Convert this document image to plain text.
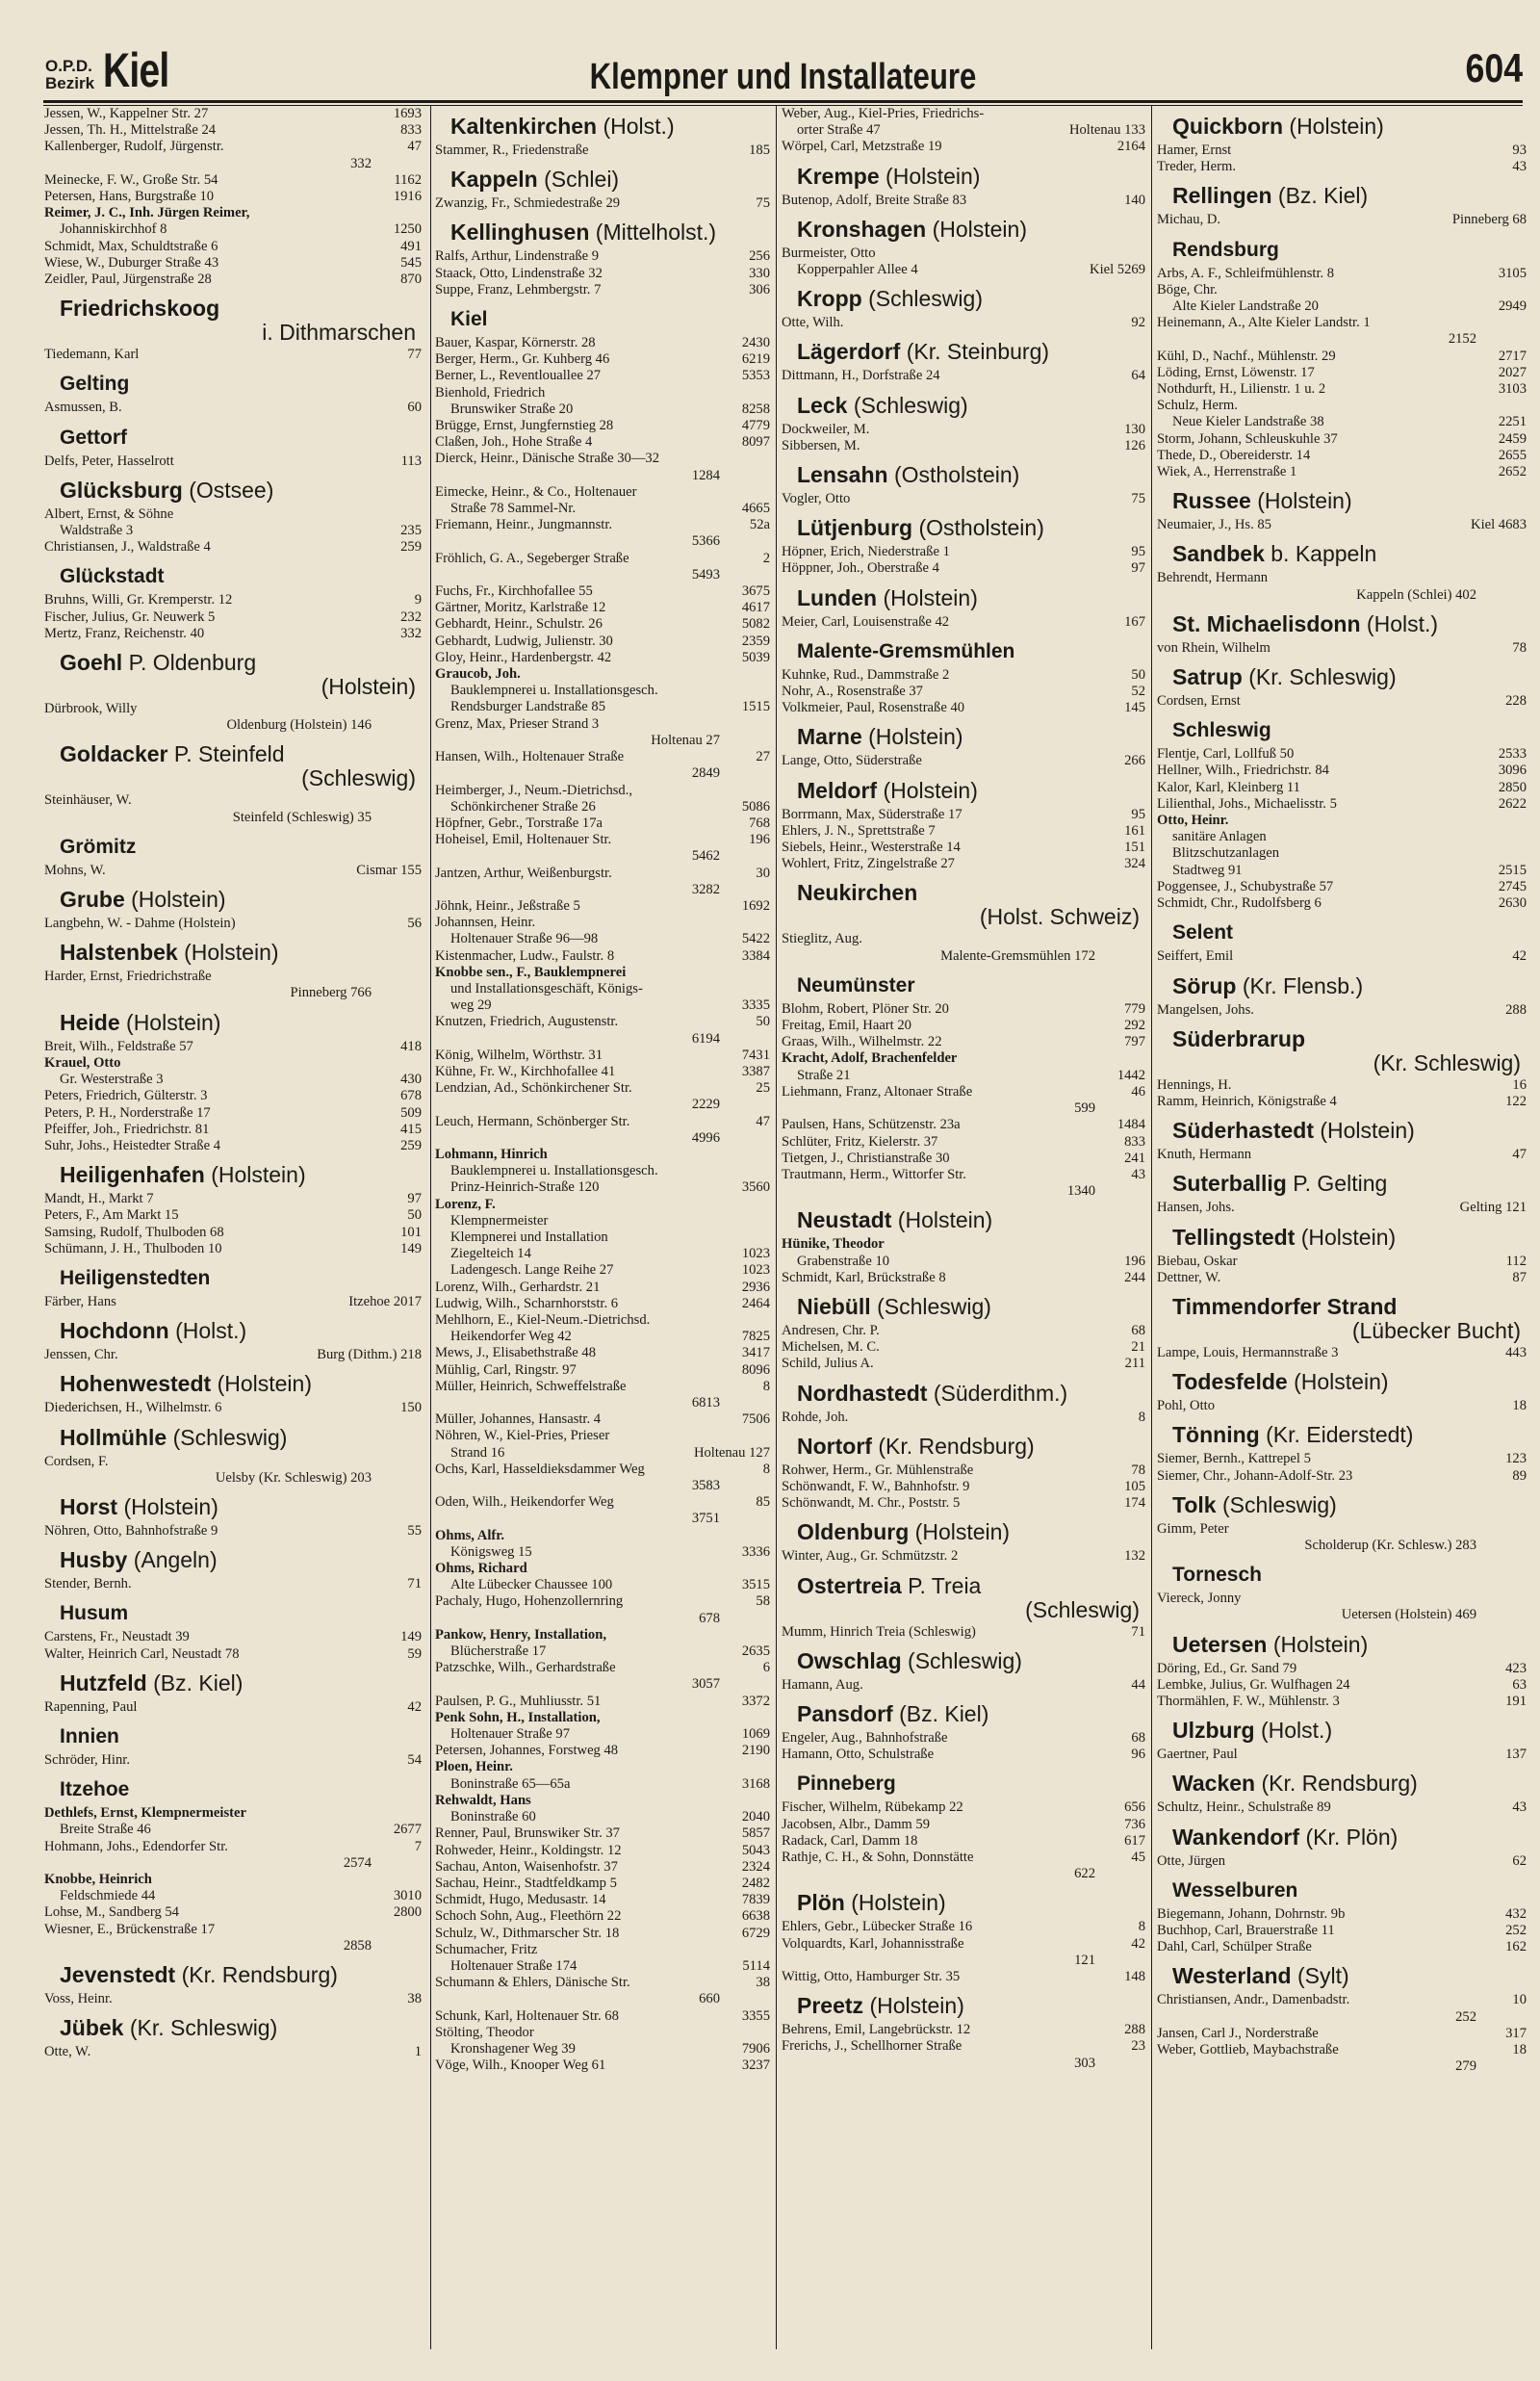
O.P.D.
Bezirk Kiel	Klempner und Installateure	604
Jessen, W., Kappelner Str. 27	1693
Jessen, Th. H., Mittelstraße 24	833
Kallenberger, Rudolf, Jürgenstr.	47
332
Meinecke, F. W., Große Str. 54	1162
Petersen, Hans, Burgstraße 10	1916
Reimer, J. C., Inh. Jürgen Reimer,
Johanniskirchhof 8	1250
Schmidt, Max, Schuldtstraße 6	491
Wiese, W., Duburger Straße 43	545
Zeidler, Paul, Jürgenstraße 28	870
Friedrichskoog
i. Dithmarschen
Tiedemann, Karl	77
Gelting
Asmussen, B.	60
Gettorf
Delfs, Peter, Hasselrott	113
Glücksburg (Ostsee)
Albert, Ernst, & Söhne
Waldstraße 3	235
Christiansen, J., Waldstraße 4	259
Glückstadt
Bruhns, Willi, Gr. Kremperstr. 12	9
Fischer, Julius, Gr. Neuwerk 5	232
Mertz, Franz, Reichenstr. 40	332
Goehl P. Oldenburg
(Holstein)
Dürbrook, Willy
Oldenburg (Holstein) 146
Goldacker P. Steinfeld
(Schleswig)
Steinhäuser, W.
Steinfeld (Schleswig) 35
Grömitz
Mohns, W.	Cismar 155
Grube (Holstein)
Langbehn, W. - Dahme (Holstein)	56
Halstenbek (Holstein)
Harder, Ernst, Friedrichstraße
Pinneberg 766
Heide (Holstein)
Breit, Wilh., Feldstraße 57	418
Krauel, Otto
Gr. Westerstraße 3	430
Peters, Friedrich, Gülterstr. 3	678
Peters, P. H., Norderstraße 17	509
Pfeiffer, Joh., Friedrichstr. 81	415
Suhr, Johs., Heistedter Straße 4	259
Heiligenhafen (Holstein)
Mandt, H., Markt 7	97
Peters, F., Am Markt 15	50
Samsing, Rudolf, Thulboden 68	101
Schümann, J. H., Thulboden 10	149
Heiligenstedten
Färber, Hans	Itzehoe 2017
Hochdonn (Holst.)
Jenssen, Chr.	Burg (Dithm.) 218
Hohenwestedt (Holstein)
Diederichsen, H., Wilhelmstr. 6	150
Hollmühle (Schleswig)
Cordsen, F.
Uelsby (Kr. Schleswig) 203
Horst (Holstein)
Nöhren, Otto, Bahnhofstraße 9	55
Husby (Angeln)
Stender, Bernh.	71
Husum
Carstens, Fr., Neustadt 39	149
Walter, Heinrich Carl, Neustadt 78	59
Hutzfeld (Bz. Kiel)
Rapenning, Paul	42
Innien
Schröder, Hinr.	54
Itzehoe
Dethlefs, Ernst, Klempnermeister
Breite Straße 46	2677
Hohmann, Johs., Edendorfer Str.	7
2574
Knobbe, Heinrich
Feldschmiede 44	3010
Lohse, M., Sandberg 54	2800
Wiesner, E., Brückenstraße 17
2858
Jevenstedt (Kr. Rendsburg)
Voss, Heinr.	38
Jübek (Kr. Schleswig)
Otte, W.	1
Kaltenkirchen (Holst.)
Stammer, R., Friedenstraße	185
Kappeln (Schlei)
Zwanzig, Fr., Schmiedestraße 29	75
Kellinghusen (Mittelholst.)
Ralfs, Arthur, Lindenstraße 9	256
Staack, Otto, Lindenstraße 32	330
Suppe, Franz, Lehmbergstr. 7	306
Kiel
Bauer, Kaspar, Körnerstr. 28	2430
Berger, Herm., Gr. Kuhberg 46	6219
Berner, L., Reventlouallee 27	5353
Bienhold, Friedrich
Brunswiker Straße 20	8258
Brügge, Ernst, Jungfernstieg 28	4779
Claßen, Joh., Hohe Straße 4	8097
Dierck, Heinr., Dänische Straße 30—32
1284
Eimecke, Heinr., & Co., Holtenauer
Straße 78 Sammel-Nr.	4665
Friemann, Heinr., Jungmannstr.	52a
5366
Fröhlich, G. A., Segeberger Straße	2
5493
Fuchs, Fr., Kirchhofallee 55	3675
Gärtner, Moritz, Karlstraße 12	4617
Gebhardt, Heinr., Schulstr. 26	5082
Gebhardt, Ludwig, Julienstr. 30	2359
Gloy, Heinr., Hardenbergstr. 42	5039
Graucob, Joh.
Bauklempnerei u. Installationsgesch.
Rendsburger Landstraße 85	1515
Grenz, Max, Prieser Strand 3
Holtenau 27
Hansen, Wilh., Holtenauer Straße	27
2849
Heimberger, J., Neum.-Dietrichsd.,
Schönkirchener Straße 26	5086
Höpfner, Gebr., Torstraße 17a	768
Hoheisel, Emil, Holtenauer Str.	196
5462
Jantzen, Arthur, Weißenburgstr.	30
3282
Jöhnk, Heinr., Jeßstraße 5	1692
Johannsen, Heinr.
Holtenauer Straße 96—98	5422
Kistenmacher, Ludw., Faulstr. 8	3384
Knobbe sen., F., Bauklempnerei
und Installationsgeschäft, Königs-
weg 29	3335
Knutzen, Friedrich, Augustenstr.	50
6194
König, Wilhelm, Wörthstr. 31	7431
Kühne, Fr. W., Kirchhofallee 41	3387
Lendzian, Ad., Schönkirchener Str.	25
2229
Leuch, Hermann, Schönberger Str.	47
4996
Lohmann, Hinrich
Bauklempnerei u. Installationsgesch.
Prinz-Heinrich-Straße 120	3560
Lorenz, F.
Klempnermeister
Klempnerei und Installation
Ziegelteich 14	1023
Ladengesch. Lange Reihe 27	1023
Lorenz, Wilh., Gerhardstr. 21	2936
Ludwig, Wilh., Scharnhorststr. 6	2464
Mehlhorn, E., Kiel-Neum.-Dietrichsd.
Heikendorfer Weg 42	7825
Mews, J., Elisabethstraße 48	3417
Mühlig, Carl, Ringstr. 97	8096
Müller, Heinrich, Schweffelstraße	8
6813
Müller, Johannes, Hansastr. 4	7506
Nöhren, W., Kiel-Pries, Prieser
Strand 16	Holtenau 127
Ochs, Karl, Hasseldieksdammer Weg	8
3583
Oden, Wilh., Heikendorfer Weg	85
3751
Ohms, Alfr.
Königsweg 15	3336
Ohms, Richard
Alte Lübecker Chaussee 100	3515
Pachaly, Hugo, Hohenzollernring	58
678
Pankow, Henry, Installation,
Blücherstraße 17	2635
Patzschke, Wilh., Gerhardstraße	6
3057
Paulsen, P. G., Muhliusstr. 51	3372
Penk Sohn, H., Installation,
Holtenauer Straße 97	1069
Petersen, Johannes, Forstweg 48	2190
Ploen, Heinr.
Boninstraße 65—65a	3168
Rehwaldt, Hans
Boninstraße 60	2040
Renner, Paul, Brunswiker Str. 37	5857
Rohweder, Heinr., Koldingstr. 12	5043
Sachau, Anton, Waisenhofstr. 37	2324
Sachau, Heinr., Stadtfeldkamp 5	2482
Schmidt, Hugo, Medusastr. 14	7839
Schoch Sohn, Aug., Fleethörn 22	6638
Schulz, W., Dithmarscher Str. 18	6729
Schumacher, Fritz
Holtenauer Straße 174	5114
Schumann & Ehlers, Dänische Str.	38
660
Schunk, Karl, Holtenauer Str. 68	3355
Stölting, Theodor
Kronshagener Weg 39	7906
Vöge, Wilh., Knooper Weg 61	3237
Weber, Aug., Kiel-Pries, Friedrichs-
orter Straße 47	Holtenau 133
Wörpel, Carl, Metzstraße 19	2164
Krempe (Holstein)
Butenop, Adolf, Breite Straße 83	140
Kronshagen (Holstein)
Burmeister, Otto
Kopperpahler Allee 4	Kiel 5269
Kropp (Schleswig)
Otte, Wilh.	92
Lägerdorf (Kr. Steinburg)
Dittmann, H., Dorfstraße 24	64
Leck (Schleswig)
Dockweiler, M.	130
Sibbersen, M.	126
Lensahn (Ostholstein)
Vogler, Otto	75
Lütjenburg (Ostholstein)
Höpner, Erich, Niederstraße 1	95
Höppner, Joh., Oberstraße 4	97
Lunden (Holstein)
Meier, Carl, Louisenstraße 42	167
Malente-Gremsmühlen
Kuhnke, Rud., Dammstraße 2	50
Nohr, A., Rosenstraße 37	52
Volkmeier, Paul, Rosenstraße 40	145
Marne (Holstein)
Lange, Otto, Süderstraße	266
Meldorf (Holstein)
Borrmann, Max, Süderstraße 17	95
Ehlers, J. N., Sprettstraße 7	161
Siebels, Heinr., Westerstraße 14	151
Wohlert, Fritz, Zingelstraße 27	324
Neukirchen
(Holst. Schweiz)
Stieglitz, Aug.
Malente-Gremsmühlen 172
Neumünster
Blohm, Robert, Plöner Str. 20	779
Freitag, Emil, Haart 20	292
Graas, Wilh., Wilhelmstr. 22	797
Kracht, Adolf, Brachenfelder
Straße 21	1442
Liehmann, Franz, Altonaer Straße	46
599
Paulsen, Hans, Schützenstr. 23a	1484
Schlüter, Fritz, Kielerstr. 37	833
Tietgen, J., Christianstraße 30	241
Trautmann, Herm., Wittorfer Str.	43
1340
Neustadt (Holstein)
Hünike, Theodor
Grabenstraße 10	196
Schmidt, Karl, Brückstraße 8	244
Niebüll (Schleswig)
Andresen, Chr. P.	68
Michelsen, M. C.	21
Schild, Julius A.	211
Nordhastedt (Süderdithm.)
Rohde, Joh.	8
Nortorf (Kr. Rendsburg)
Rohwer, Herm., Gr. Mühlenstraße	78
Schönwandt, F. W., Bahnhofstr. 9	105
Schönwandt, M. Chr., Poststr. 5	174
Oldenburg (Holstein)
Winter, Aug., Gr. Schmützstr. 2	132
Ostertreia P. Treia
(Schleswig)
Mumm, Hinrich Treia (Schleswig)	71
Owschlag (Schleswig)
Hamann, Aug.	44
Pansdorf (Bz. Kiel)
Engeler, Aug., Bahnhofstraße	68
Hamann, Otto, Schulstraße	96
Pinneberg
Fischer, Wilhelm, Rübekamp 22	656
Jacobsen, Albr., Damm 59	736
Radack, Carl, Damm 18	617
Rathje, C. H., & Sohn, Donnstätte	45
622
Plön (Holstein)
Ehlers, Gebr., Lübecker Straße 16	8
Volquardts, Karl, Johannisstraße	42
121
Wittig, Otto, Hamburger Str. 35	148
Preetz (Holstein)
Behrens, Emil, Langebrückstr. 12	288
Frerichs, J., Schellhorner Straße	23
303
Quickborn (Holstein)
Hamer, Ernst	93
Treder, Herm.	43
Rellingen (Bz. Kiel)
Michau, D.	Pinneberg 68
Rendsburg
Arbs, A. F., Schleifmühlenstr. 8	3105
Böge, Chr.
Alte Kieler Landstraße 20	2949
Heinemann, A., Alte Kieler Landstr. 1
2152
Kühl, D., Nachf., Mühlenstr. 29	2717
Löding, Ernst, Löwenstr. 17	2027
Nothdurft, H., Lilienstr. 1 u. 2	3103
Schulz, Herm.
Neue Kieler Landstraße 38	2251
Storm, Johann, Schleuskuhle 37	2459
Thede, D., Obereiderstr. 14	2655
Wiek, A., Herrenstraße 1	2652
Russee (Holstein)
Neumaier, J., Hs. 85	Kiel 4683
Sandbek b. Kappeln
Behrendt, Hermann
Kappeln (Schlei) 402
St. Michaelisdonn (Holst.)
von Rhein, Wilhelm	78
Satrup (Kr. Schleswig)
Cordsen, Ernst	228
Schleswig
Flentje, Carl, Lollfuß 50	2533
Hellner, Wilh., Friedrichstr. 84	3096
Kalor, Karl, Kleinberg 11	2850
Lilienthal, Johs., Michaelisstr. 5	2622
Otto, Heinr.
sanitäre Anlagen
Blitzschutzanlagen
Stadtweg 91	2515
Poggensee, J., Schubystraße 57	2745
Schmidt, Chr., Rudolfsberg 6	2630
Selent
Seiffert, Emil	42
Sörup (Kr. Flensb.)
Mangelsen, Johs.	288
Süderbrarup
(Kr. Schleswig)
Hennings, H.	16
Ramm, Heinrich, Königstraße 4	122
Süderhastedt (Holstein)
Knuth, Hermann	47
Suterballig P. Gelting
Hansen, Johs.	Gelting 121
Tellingstedt (Holstein)
Biebau, Oskar	112
Dettner, W.	87
Timmendorfer Strand
(Lübecker Bucht)
Lampe, Louis, Hermannstraße 3	443
Todesfelde (Holstein)
Pohl, Otto	18
Tönning (Kr. Eiderstedt)
Siemer, Bernh., Kattrepel 5	123
Siemer, Chr., Johann-Adolf-Str. 23	89
Tolk (Schleswig)
Gimm, Peter
Scholderup (Kr. Schlesw.) 283
Tornesch
Viereck, Jonny
Uetersen (Holstein) 469
Uetersen (Holstein)
Döring, Ed., Gr. Sand 79	423
Lembke, Julius, Gr. Wulfhagen 24	63
Thormählen, F. W., Mühlenstr. 3	191
Ulzburg (Holst.)
Gaertner, Paul	137
Wacken (Kr. Rendsburg)
Schultz, Heinr., Schulstraße 89	43
Wankendorf (Kr. Plön)
Otte, Jürgen	62
Wesselburen
Biegemann, Johann, Dohrnstr. 9b	432
Buchhop, Carl, Brauerstraße 11	252
Dahl, Carl, Schülper Straße	162
Westerland (Sylt)
Christiansen, Andr., Damenbadstr.	10
252
Jansen, Carl J., Norderstraße	317
Weber, Gottlieb, Maybachstraße	18
279
